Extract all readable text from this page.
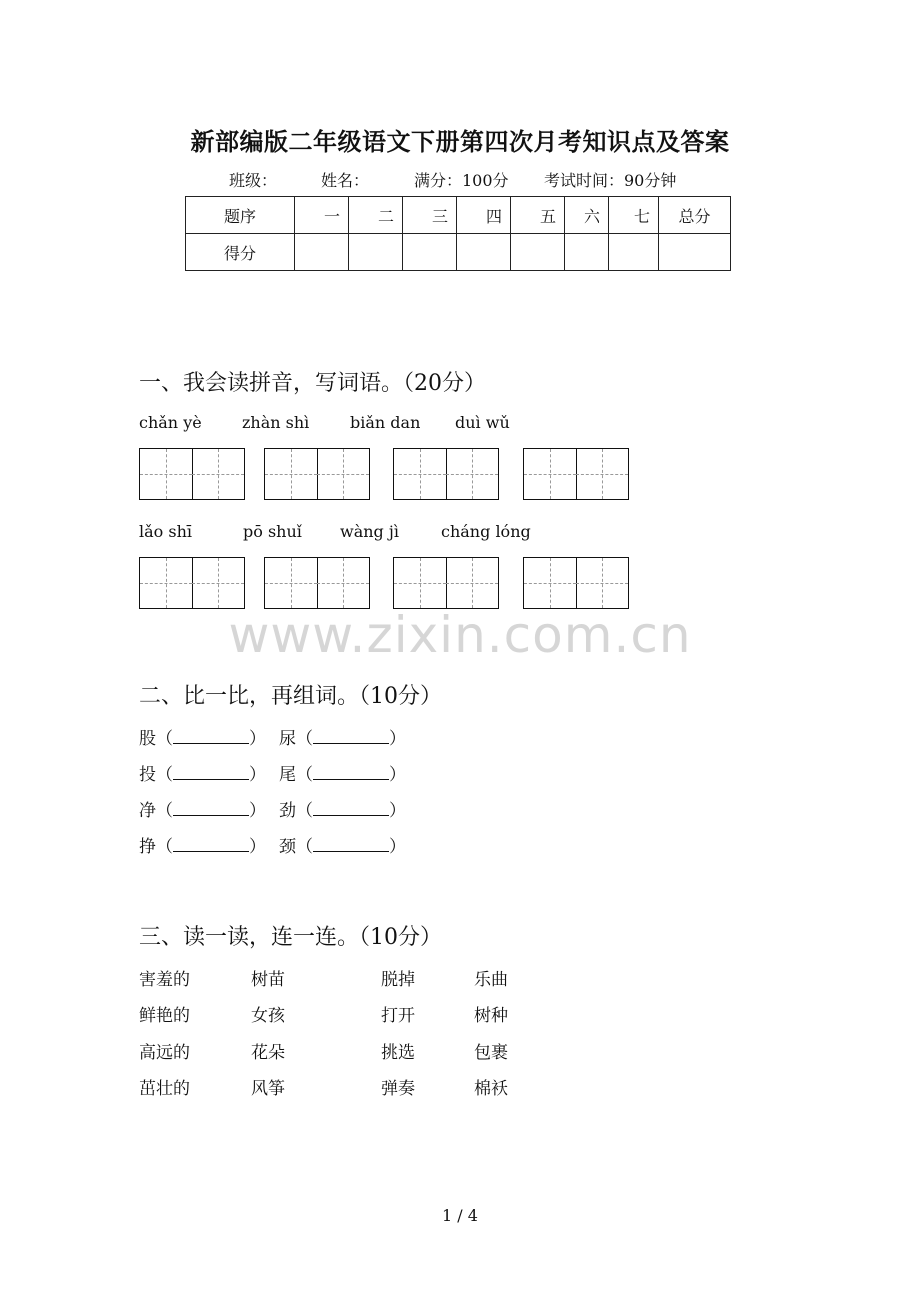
新部编版二年级语文下册第四次月考知识点及答案
班级：	姓名：	满分：100分 考试时间：90分钟
题序	一	二	三	四	五	六	七	总分
得分								
一、我会读拼音，写词语。（20分）
chǎn yè	zhàn shì	biǎn dan duì wǔ
lǎo shī	pō shuǐ wàng jì	cháng lóng
www.zixin.com.cn
二、比一比，再组词。（10分）
股（	） 尿（	）
投（	） 尾（	）
净（	） 劲（	）
挣（	） 颈（	）
三、读一读，连一连。（10分）
害羞的	树苗	脱掉	乐曲
鲜艳的	女孩	打开	树种
高远的	花朵	挑选	包裹
茁壮的	风筝	弹奏	棉袄
1 / 4
